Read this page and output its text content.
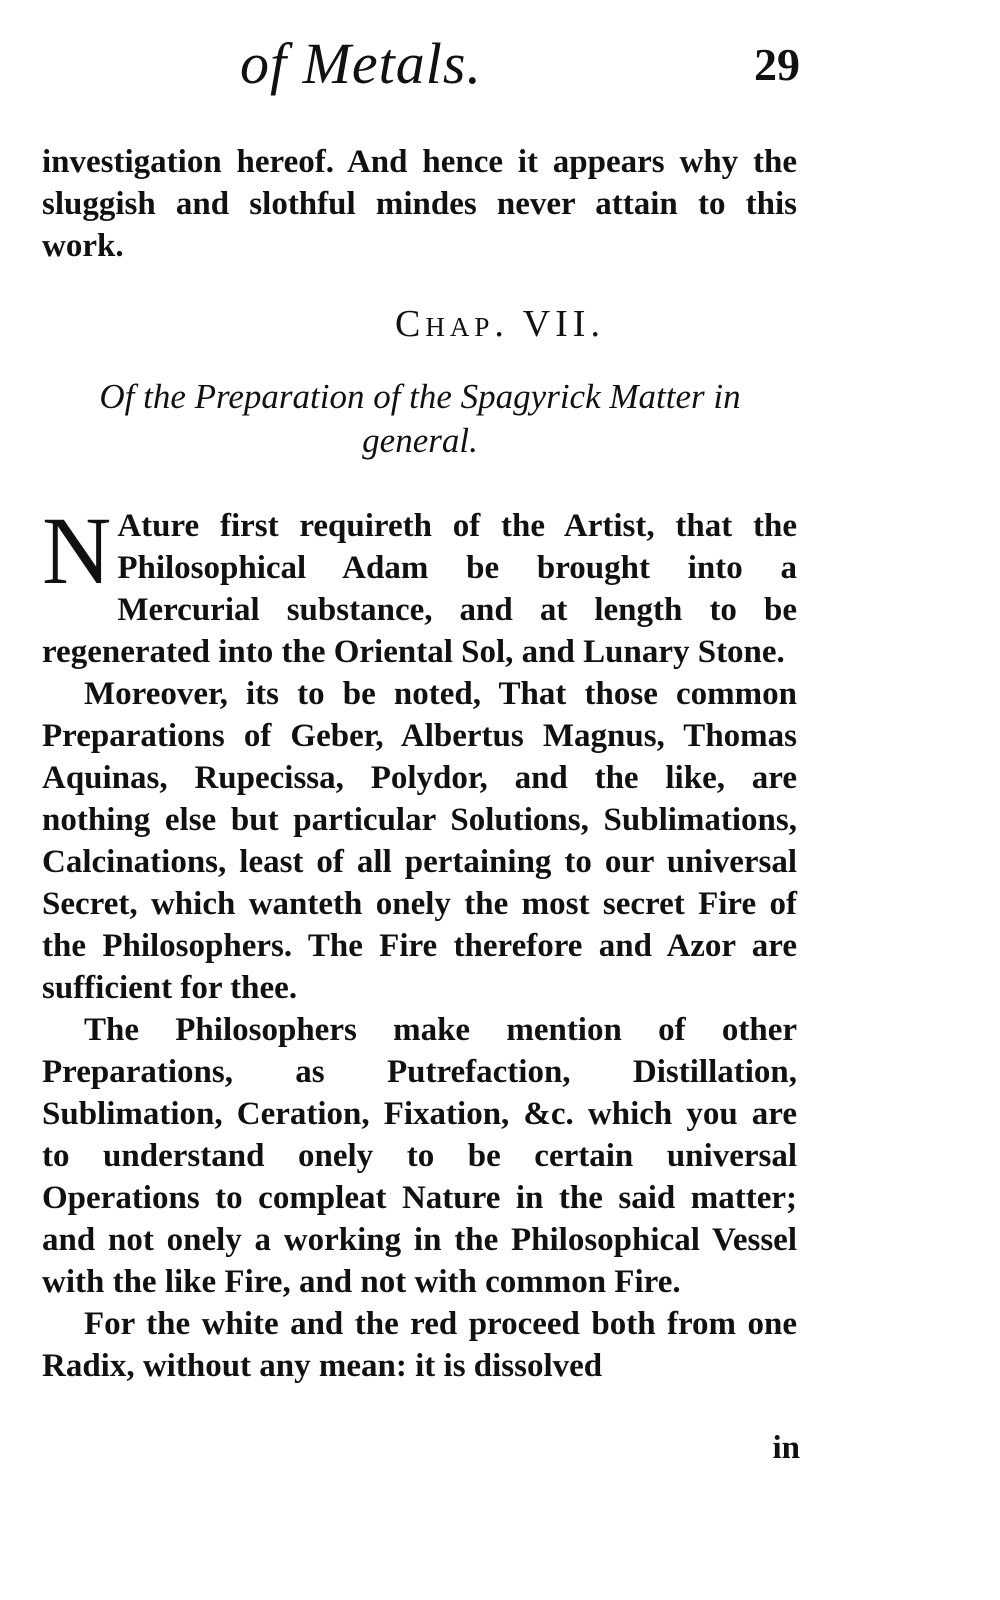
of Metals.	29

investigation hereof. And hence it appears why the sluggish and slothful mindes never attain to this work.

Chap. VII.
Of the Preparation of the Spagyrick Matter in general.

N Ature first requireth of the Artist, that the Philosophical Adam be brought into a Mercurial substance, and at length to be regenerated into the Oriental Sol, and Lunary Stone.

Moreover, its to be noted, That those common Preparations of Geber, Albertus Magnus, Thomas Aquinas, Rupecissa, Polydor, and the like, are nothing else but particular Solutions, Sublimations, Calcinations, least of all pertaining to our universal Secret, which wanteth onely the most secret Fire of the Philosophers. The Fire therefore and Azor are sufficient for thee.

The Philosophers make mention of other Preparations, as Putrefaction, Distillation, Sublimation, Ceration, Fixation, &c. which you are to understand onely to be certain universal Operations to compleat Nature in the said matter; and not onely a working in the Philosophical Vessel with the like Fire, and not with common Fire.

For the white and the red proceed both from one Radix, without any mean: it is dissolved

in
